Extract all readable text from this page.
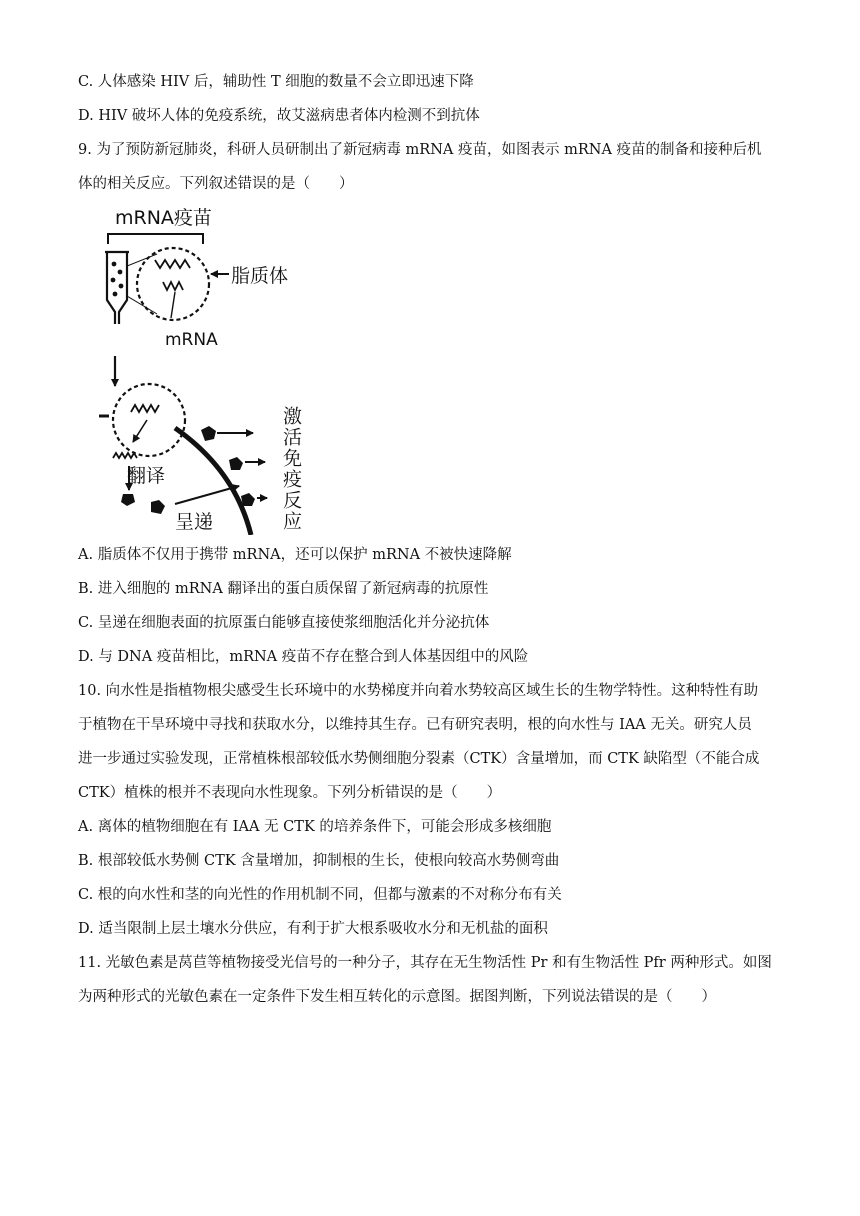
C. 人体感染 HIV 后，辅助性 T 细胞的数量不会立即迅速下降
D. HIV 破坏人体的免疫系统，故艾滋病患者体内检测不到抗体
9. 为了预防新冠肺炎，科研人员研制出了新冠病毒 mRNA 疫苗，如图表示 mRNA 疫苗的制备和接种后机
体的相关反应。下列叙述错误的是（　　）
mRNA疫苗
脂质体
mRNA
翻译
呈递	激活免疫反应
A. 脂质体不仅用于携带 mRNA，还可以保护 mRNA 不被快速降解
B. 进入细胞的 mRNA 翻译出的蛋白质保留了新冠病毒的抗原性
C. 呈递在细胞表面的抗原蛋白能够直接使浆细胞活化并分泌抗体
D. 与 DNA 疫苗相比，mRNA 疫苗不存在整合到人体基因组中的风险
10. 向水性是指植物根尖感受生长环境中的水势梯度并向着水势较高区域生长的生物学特性。这种特性有助
于植物在干旱环境中寻找和获取水分，以维持其生存。已有研究表明，根的向水性与 IAA 无关。研究人员
进一步通过实验发现，正常植株根部较低水势侧细胞分裂素（CTK）含量增加，而 CTK 缺陷型（不能合成
CTK）植株的根并不表现向水性现象。下列分析错误的是（　　）
A. 离体的植物细胞在有 IAA 无 CTK 的培养条件下，可能会形成多核细胞
B. 根部较低水势侧 CTK 含量增加，抑制根的生长，使根向较高水势侧弯曲
C. 根的向水性和茎的向光性的作用机制不同，但都与激素的不对称分布有关
D. 适当限制上层土壤水分供应，有利于扩大根系吸收水分和无机盐的面积
11. 光敏色素是莴苣等植物接受光信号的一种分子，其存在无生物活性 Pr 和有生物活性 Pfr 两种形式。如图
为两种形式的光敏色素在一定条件下发生相互转化的示意图。据图判断，下列说法错误的是（　　）
